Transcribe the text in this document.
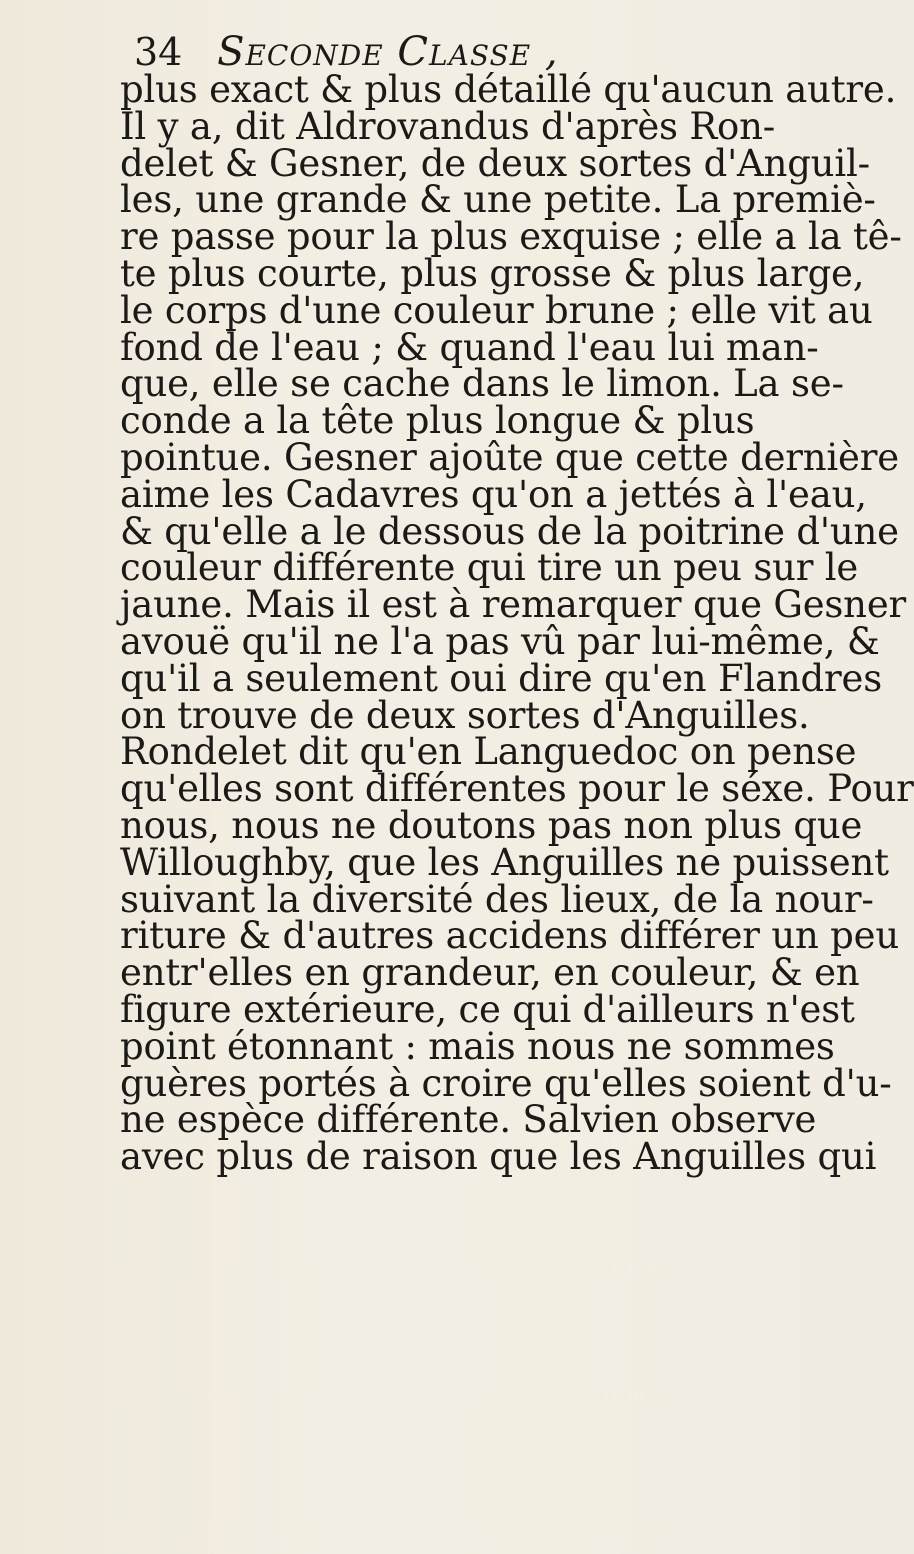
34 Seconde Classe ,
plus exact & plus détaillé qu'aucun autre.
Il y a, dit Aldrovandus d'après Ron-
delet & Gesner, de deux sortes d'Anguil-
les, une grande & une petite. La premiè-
re passe pour la plus exquise ; elle a la tê-
te plus courte, plus grosse & plus large,
le corps d'une couleur brune ; elle vit au
fond de l'eau ; & quand l'eau lui man-
que, elle se cache dans le limon. La se-
conde a la tête plus longue & plus
pointue. Gesner ajoûte que cette dernière
aime les Cadavres qu'on a jettés à l'eau,
& qu'elle a le dessous de la poitrine d'une
couleur différente qui tire un peu sur le
jaune. Mais il est à remarquer que Gesner
avouë qu'il ne l'a pas vû par lui-même, &
qu'il a seulement oui dire qu'en Flandres
on trouve de deux sortes d'Anguilles.
Rondelet dit qu'en Languedoc on pense
qu'elles sont différentes pour le séxe. Pour
nous, nous ne doutons pas non plus que
Willoughby, que les Anguilles ne puissent
suivant la diversité des lieux, de la nour-
riture & d'autres accidens différer un peu
entr'elles en grandeur, en couleur, & en
figure extérieure, ce qui d'ailleurs n'est
point étonnant : mais nous ne sommes
guères portés à croire qu'elles soient d'u-
ne espèce différente. Salvien observe
avec plus de raison que les Anguilles qui
